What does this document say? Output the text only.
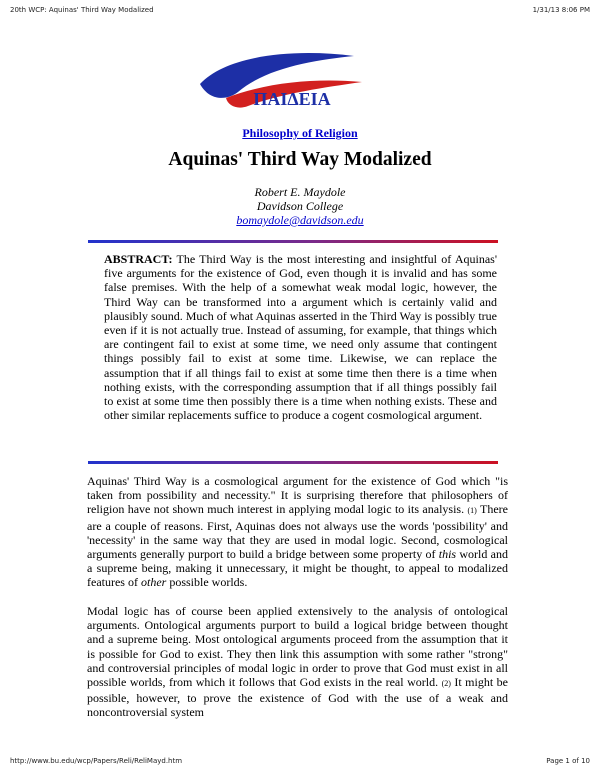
20th WCP: Aquinas' Third Way Modalized	1/31/13 8:06 PM
ΠΑΙΔΕΙΑ
Philosophy of Religion
Aquinas' Third Way Modalized
Robert E. Maydole
Davidson College
bomaydole@davidson.edu

ABSTRACT: The Third Way is the most interesting and insightful of Aquinas' five arguments for the existence of God, even though it is invalid and has some false premises. With the help of a somewhat weak modal logic, however, the Third Way can be transformed into a argument which is certainly valid and plausibly sound. Much of what Aquinas asserted in the Third Way is possibly true even if it is not actually true. Instead of assuming, for example, that things which are contingent fail to exist at some time, we need only assume that contingent things possibly fail to exist at some time. Likewise, we can replace the assumption that if all things fail to exist at some time then there is a time when nothing exists, with the corresponding assumption that if all things possibly fail to exist at some time then possibly there is a time when nothing exists. These and other similar replacements suffice to produce a cogent cosmological argument.

Aquinas' Third Way is a cosmological argument for the existence of God which "is taken from possibility and necessity." It is surprising therefore that philosophers of religion have not shown much interest in applying modal logic to its analysis. (1) There are a couple of reasons. First, Aquinas does not always use the words 'possibility' and 'necessity' in the same way that they are used in modal logic. Second, cosmological arguments generally purport to build a bridge between some property of this world and a supreme being, making it unnecessary, it might be thought, to appeal to modalized features of other possible worlds.

Modal logic has of course been applied extensively to the analysis of ontological arguments. Ontological arguments purport to build a logical bridge between thought and a supreme being. Most ontological arguments proceed from the assumption that it is possible for God to exist. They then link this assumption with some rather "strong" and controversial principles of modal logic in order to prove that God must exist in all possible worlds, from which it follows that God exists in the real world. (2) It might be possible, however, to prove the existence of God with the use of a weak and noncontroversial system

http://www.bu.edu/wcp/Papers/Reli/ReliMayd.htm	Page 1 of 10
